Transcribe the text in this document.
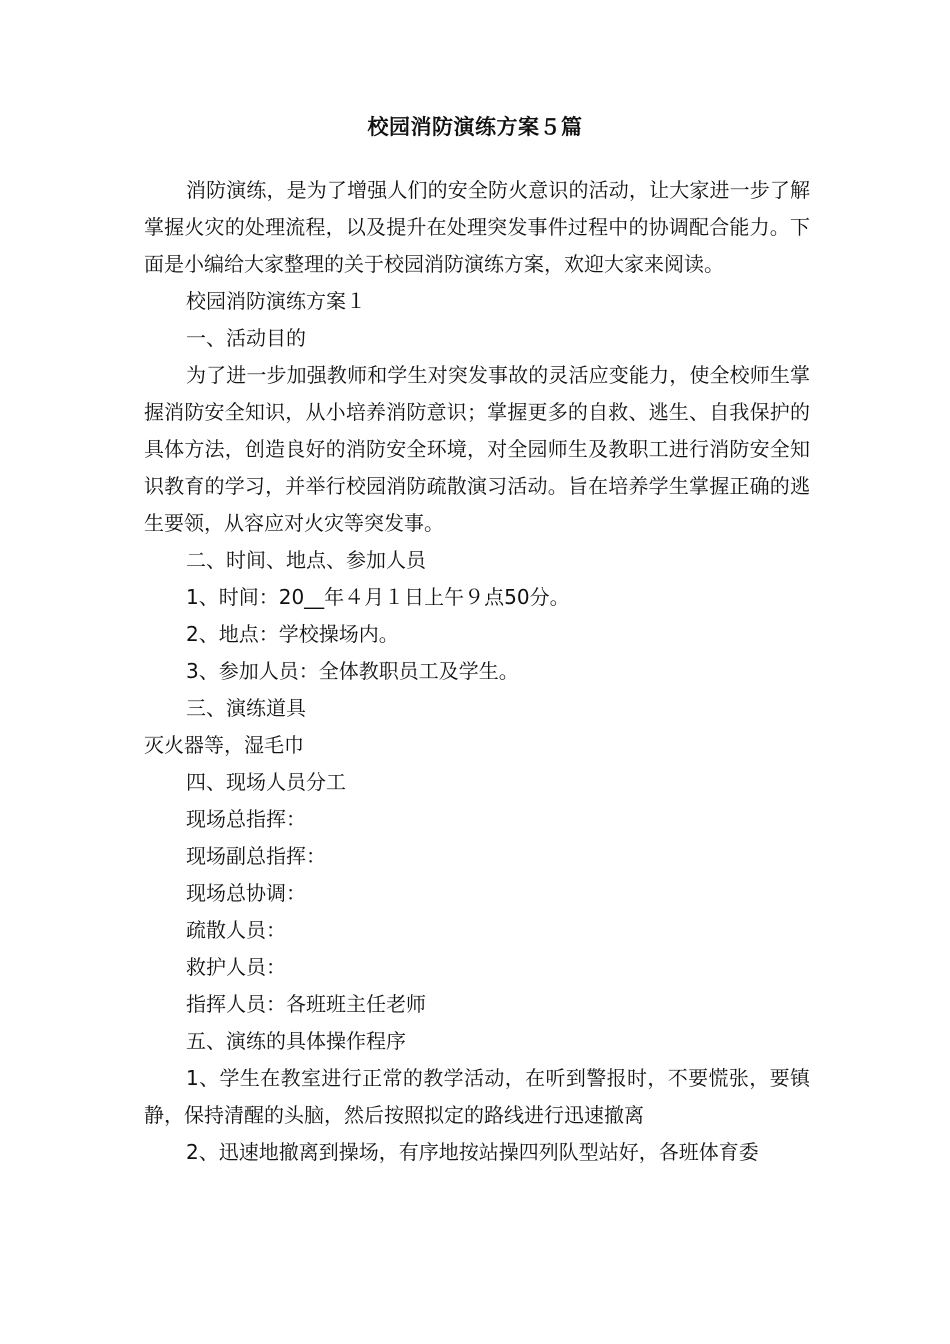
校园消防演练方案５篇

消防演练，是为了增强人们的安全防火意识的活动，让大家进一步了解掌握火灾的处理流程，以及提升在处理突发事件过程中的协调配合能力。下面是小编给大家整理的关于校园消防演练方案，欢迎大家来阅读。

校园消防演练方案１

一、活动目的

为了进一步加强教师和学生对突发事故的灵活应变能力，使全校师生掌握消防安全知识，从小培养消防意识；掌握更多的自救、逃生、自我保护的具体方法，创造良好的消防安全环境，对全园师生及教职工进行消防安全知识教育的学习，并举行校园消防疏散演习活动。旨在培养学生掌握正确的逃生要领，从容应对火灾等突发事。

二、时间、地点、参加人员

1、时间：20__年４月１日上午９点50分。

2、地点：学校操场内。

3、参加人员：全体教职员工及学生。

三、演练道具

灭火器等，湿毛巾

四、现场人员分工

现场总指挥：

现场副总指挥：

现场总协调：

疏散人员：

救护人员：

指挥人员：各班班主任老师

五、演练的具体操作程序

1、学生在教室进行正常的教学活动，在听到警报时，不要慌张，要镇静，保持清醒的头脑，然后按照拟定的路线进行迅速撤离

2、迅速地撤离到操场，有序地按站操四列队型站好，各班体育委
